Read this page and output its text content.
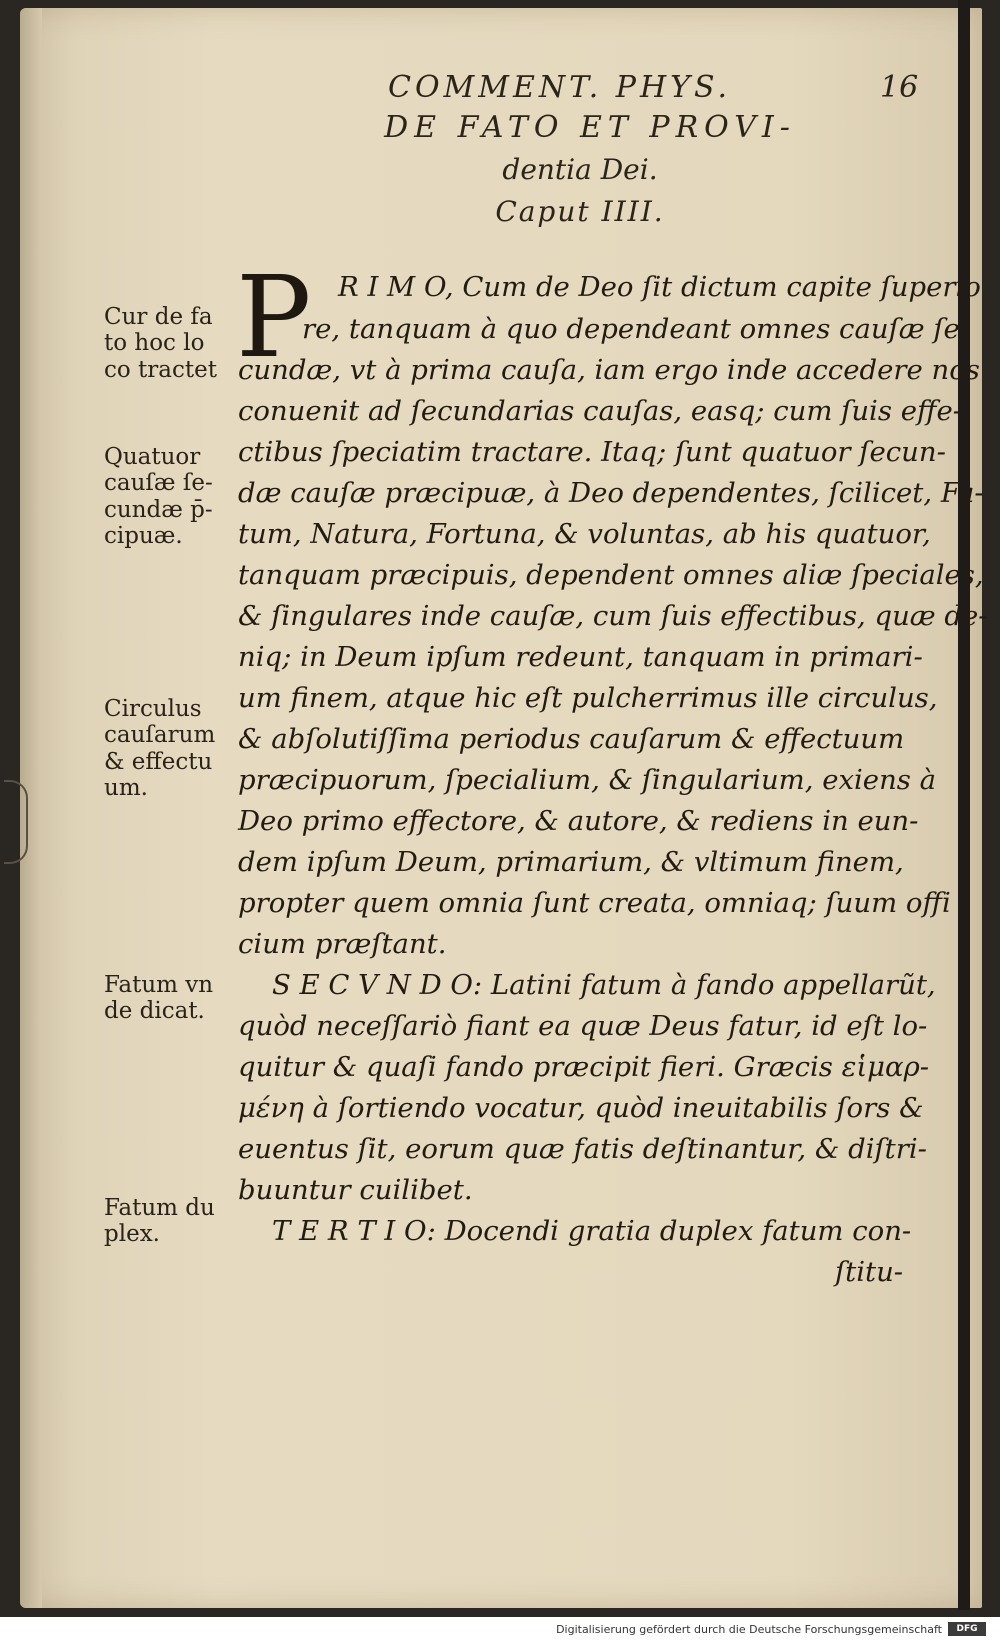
COMMENT. PHYS.	16
DE FATO ET PROVI-
dentia Dei.
Caput IIII.
P R I M O, Cum de Deo ſit dictum capite ſuperio
re, tanquam à quo dependeant omnes cauſæ ſe-
cundæ, vt à prima cauſa, iam ergo inde accedere nos
conuenit ad ſecundarias cauſas, easq; cum ſuis effe-
ctibus ſpeciatim tractare. Itaq; ſunt quatuor ſecun-
dæ cauſæ præcipuæ, à Deo dependentes, ſcilicet, Fa-
tum, Natura, Fortuna, & voluntas, ab his quatuor,
tanquam præcipuis, dependent omnes aliæ ſpeciales,
& ſingulares inde cauſæ, cum ſuis effectibus, quæ de-
niq; in Deum ipſum redeunt, tanquam in primari-
um finem, atque hic eſt pulcherrimus ille circulus,
& abſolutiſſima periodus cauſarum & effectuum
præcipuorum, ſpecialium, & ſingularium, exiens à
Deo primo effectore, & autore, & rediens in eun-
dem ipſum Deum, primarium, & vltimum finem,
propter quem omnia ſunt creata, omniaq; ſuum offi
cium præſtant.
S E C V N D O: Latini fatum à fando appellarũt,
quòd neceſſariò fiant ea quæ Deus fatur, id eſt lo-
quitur & quaſi fando præcipit fieri. Græcis εἱμαρ-
μένη à ſortiendo vocatur, quòd ineuitabilis ſors &
euentus ſit, eorum quæ fatis deſtinantur, & diſtri-
buuntur cuilibet.
T E R T I O: Docendi gratia duplex fatum con-
ſtitu-
Cur de fa
to hoc lo
co tractet
Quatuor
cauſæ ſe-
cundæ p̄-
cipuæ.
Circulus
cauſarum
& effectu
um.
Fatum vn
de dicat.
Fatum du
plex.
Digitalisierung gefördert durch die Deutsche Forschungsgemeinschaft	DFG
